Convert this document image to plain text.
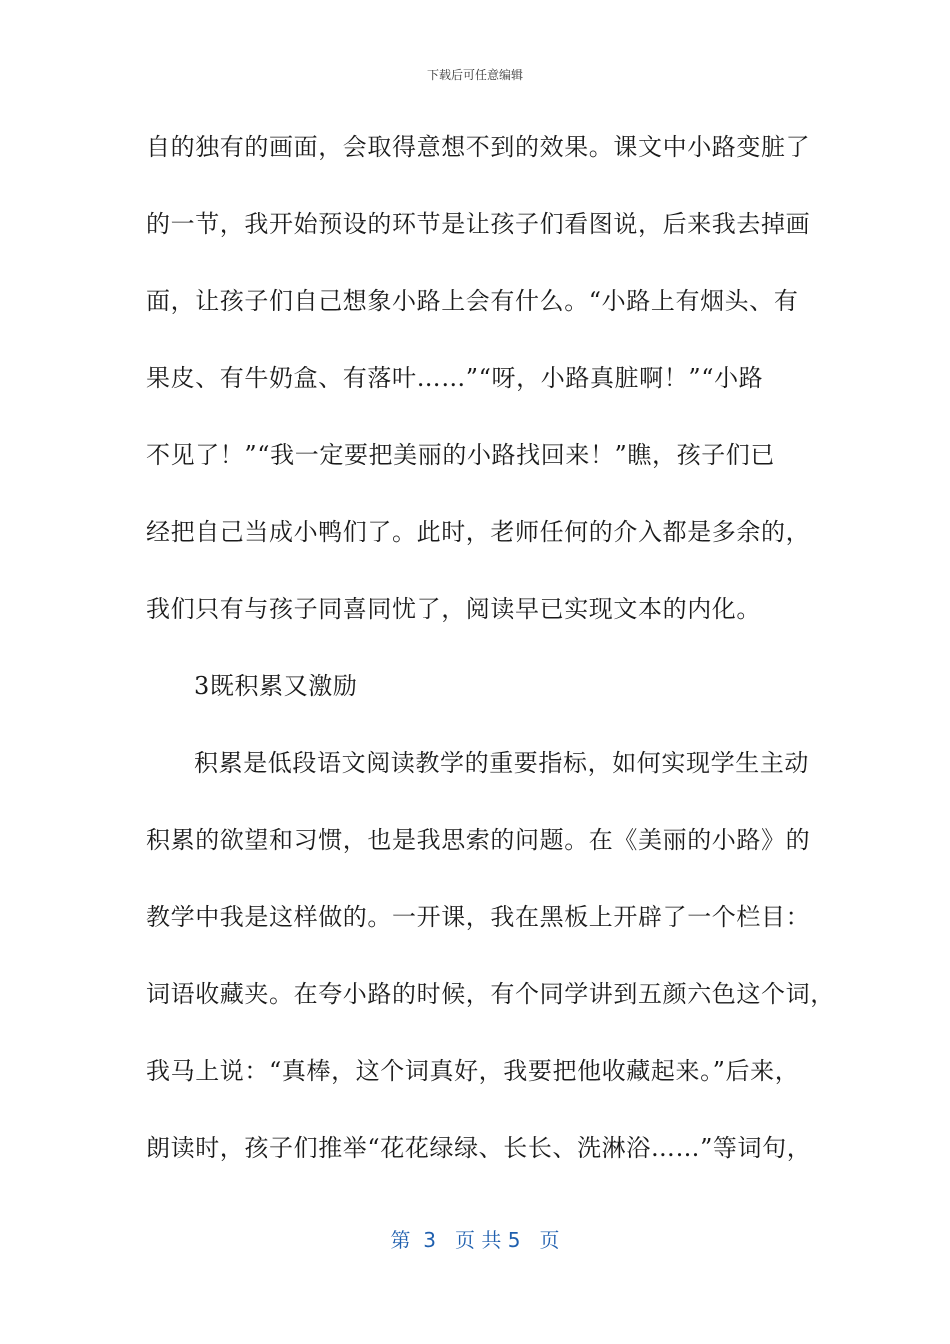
下载后可任意编辑
自的独有的画面，会取得意想不到的效果。课文中小路变脏了
的一节，我开始预设的环节是让孩子们看图说，后来我去掉画
面，让孩子们自己想象小路上会有什么。“小路上有烟头、有
果皮、有牛奶盒、有落叶……”“呀，小路真脏啊！”“小路
不见了！”“我一定要把美丽的小路找回来！”瞧，孩子们已
经把自己当成小鸭们了。此时，老师任何的介入都是多余的，
我们只有与孩子同喜同忧了，阅读早已实现文本的内化。
3既积累又激励
积累是低段语文阅读教学的重要指标，如何实现学生主动
积累的欲望和习惯，也是我思索的问题。在《美丽的小路》的
教学中我是这样做的。一开课，我在黑板上开辟了一个栏目：
词语收藏夹。在夸小路的时候，有个同学讲到五颜六色这个词，
我马上说：“真棒，这个词真好，我要把他收藏起来。”后来，
朗读时，孩子们推举“花花绿绿、长长、洗淋浴……”等词句，
第  3   页 共 5   页
